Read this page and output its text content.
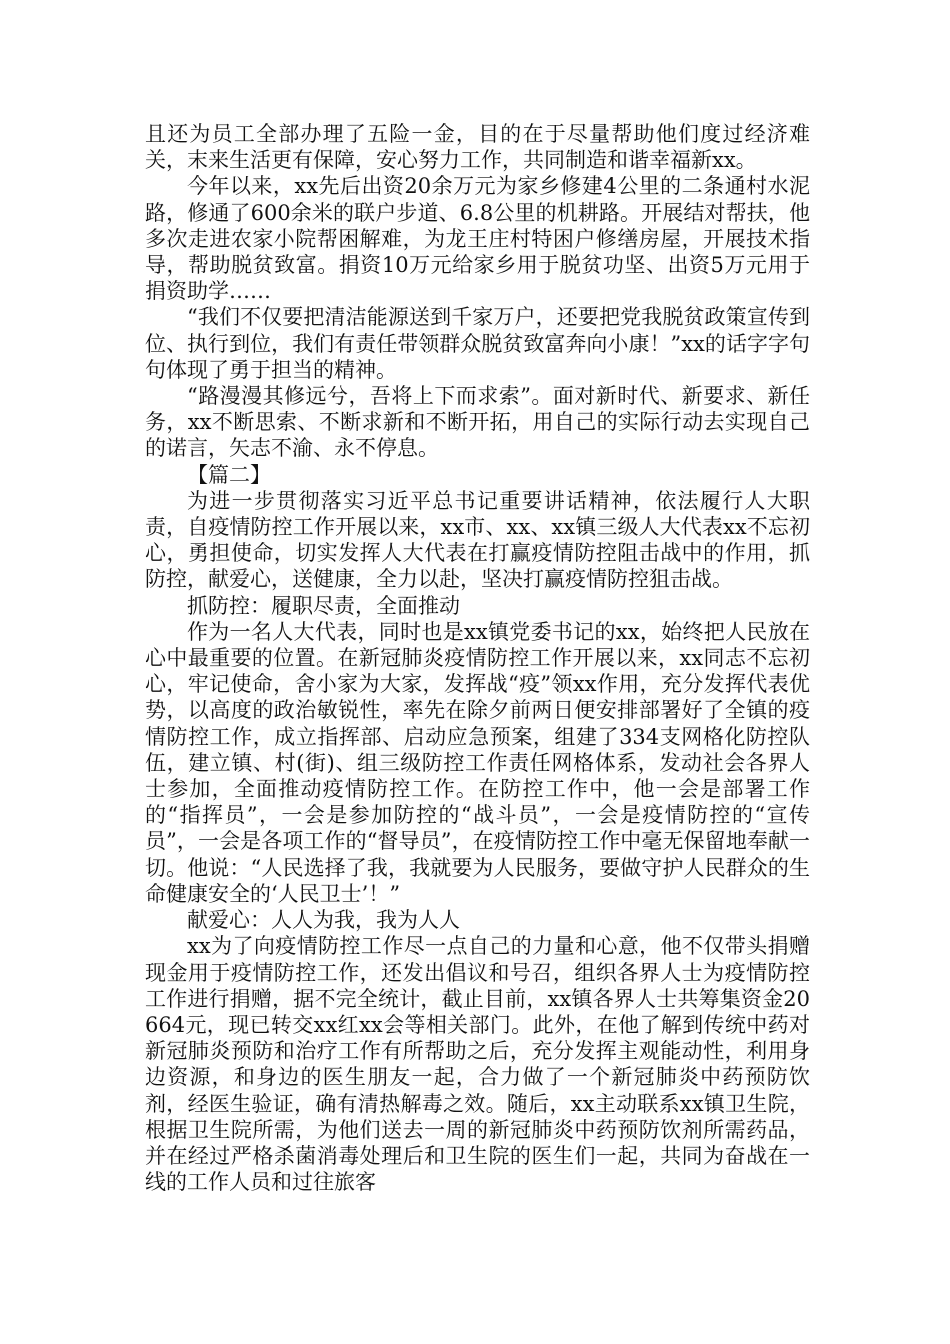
且还为员工全部办理了五险一金，目的在于尽量帮助他们度过经济难关，末来生活更有保障，安心努力工作，共同制造和谐幸福新xx。

今年以来，xx先后出资20余万元为家乡修建4公里的二条通村水泥路，修通了600余米的联户步道、6.8公里的机耕路。开展结对帮扶，他多次走进农家小院帮困解难，为龙王庄村特困户修缮房屋，开展技术指导，帮助脱贫致富。捐资10万元给家乡用于脱贫功坚、出资5万元用于捐资助学……

“我们不仅要把清洁能源送到千家万户，还要把党我脱贫政策宣传到位、执行到位，我们有责任带领群众脱贫致富奔向小康！”xx的话字字句句体现了勇于担当的精神。

“路漫漫其修远兮，吾将上下而求索”。面对新时代、新要求、新任务，xx不断思索、不断求新和不断开拓，用自己的实际行动去实现自己的诺言，矢志不渝、永不停息。

【篇二】

为进一步贯彻落实习近平总书记重要讲话精神，依法履行人大职责，自疫情防控工作开展以来，xx市、xx、xx镇三级人大代表xx不忘初心，勇担使命，切实发挥人大代表在打赢疫情防控阻击战中的作用，抓防控，献爱心，送健康，全力以赴，坚决打赢疫情防控狙击战。

抓防控：履职尽责，全面推动

作为一名人大代表，同时也是xx镇党委书记的xx，始终把人民放在心中最重要的位置。在新冠肺炎疫情防控工作开展以来，xx同志不忘初心，牢记使命，舍小家为大家，发挥战“疫”领xx作用，充分发挥代表优势，以高度的政治敏锐性，率先在除夕前两日便安排部署好了全镇的疫情防控工作，成立指挥部、启动应急预案，组建了334支网格化防控队伍，建立镇、村(街)、组三级防控工作责任网格体系，发动社会各界人士参加，全面推动疫情防控工作。在防控工作中，他一会是部署工作的“指挥员”，一会是参加防控的“战斗员”，一会是疫情防控的“宣传员”，一会是各项工作的“督导员”，在疫情防控工作中毫无保留地奉献一切。他说：“人民选择了我，我就要为人民服务，要做守护人民群众的生命健康安全的‘人民卫士’！”

献爱心：人人为我，我为人人

xx为了向疫情防控工作尽一点自己的力量和心意，他不仅带头捐赠现金用于疫情防控工作，还发出倡议和号召，组织各界人士为疫情防控工作进行捐赠，据不完全统计，截止目前，xx镇各界人士共筹集资金20664元，现已转交xx红xx会等相关部门。此外，在他了解到传统中药对新冠肺炎预防和治疗工作有所帮助之后，充分发挥主观能动性，利用身边资源，和身边的医生朋友一起，合力做了一个新冠肺炎中药预防饮剂，经医生验证，确有清热解毒之效。随后，xx主动联系xx镇卫生院，根据卫生院所需，为他们送去一周的新冠肺炎中药预防饮剂所需药品，并在经过严格杀菌消毒处理后和卫生院的医生们一起，共同为奋战在一线的工作人员和过往旅客
